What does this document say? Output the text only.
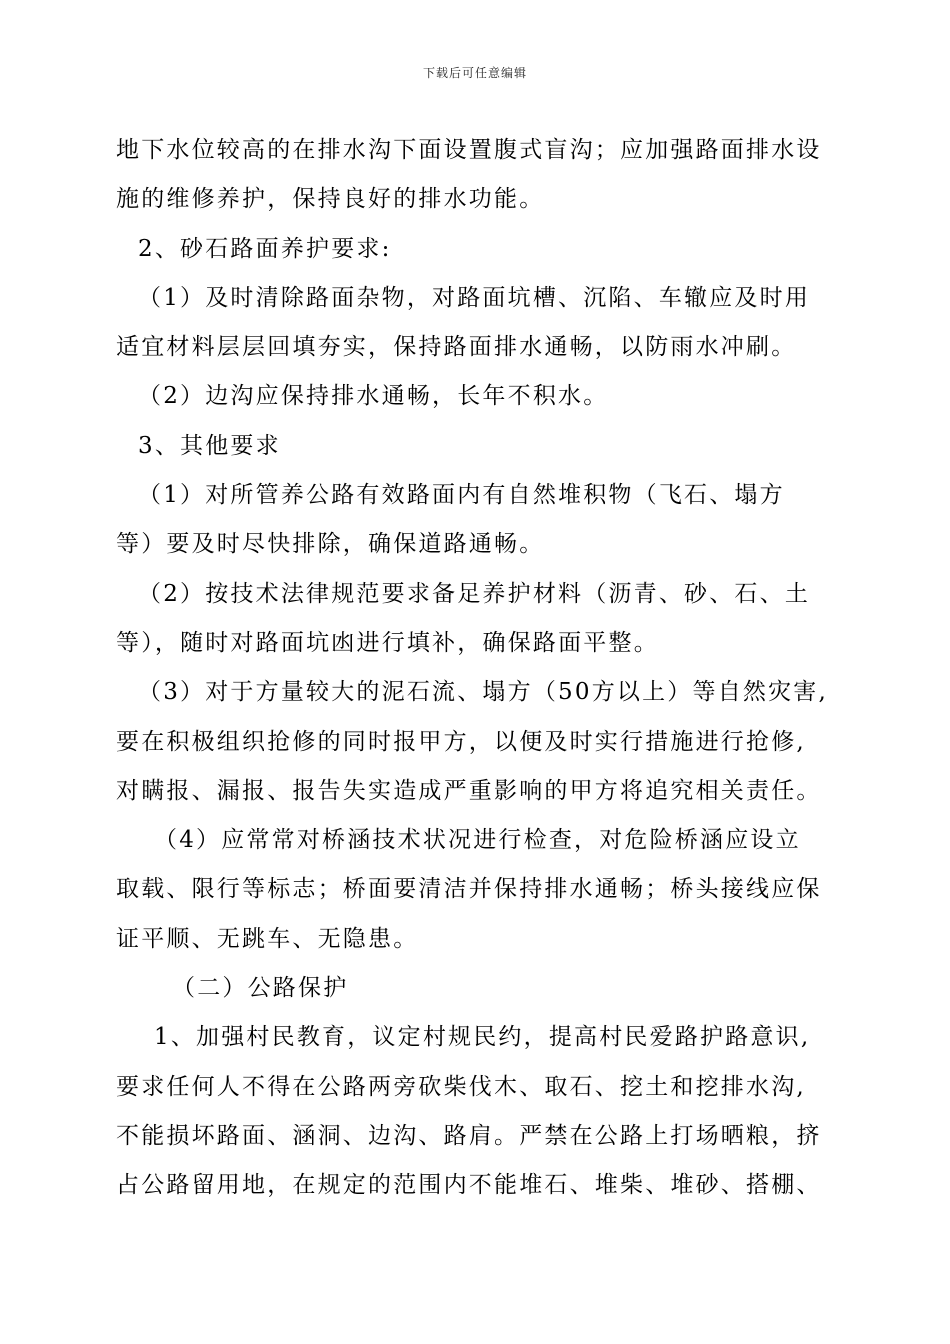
下载后可任意编辑
地下水位较高的在排水沟下面设置腹式盲沟；应加强路面排水设
施的维修养护，保持良好的排水功能。
2、砂石路面养护要求:
（1）及时清除路面杂物，对路面坑槽、沉陷、车辙应及时用
适宜材料层层回填夯实，保持路面排水通畅，以防雨水冲刷。
（2）边沟应保持排水通畅，长年不积水。
3、其他要求
（1）对所管养公路有效路面内有自然堆积物（飞石、塌方
等）要及时尽快排除，确保道路通畅。
（2）按技术法律规范要求备足养护材料（沥青、砂、石、土
等），随时对路面坑凼进行填补，确保路面平整。
（3）对于方量较大的泥石流、塌方（50方以上）等自然灾害,
要在积极组织抢修的同时报甲方，以便及时实行措施进行抢修,
对瞒报、漏报、报告失实造成严重影响的甲方将追究相关责任。
（4）应常常对桥涵技术状况进行检查，对危险桥涵应设立
取载、限行等标志；桥面要清洁并保持排水通畅；桥头接线应保
证平顺、无跳车、无隐患。
（二）公路保护
1、加强村民教育，议定村规民约，提高村民爱路护路意识,
要求任何人不得在公路两旁砍柴伐木、取石、挖土和挖排水沟,
不能损坏路面、涵洞、边沟、路肩。严禁在公路上打场晒粮，挤
占公路留用地，在规定的范围内不能堆石、堆柴、堆砂、搭棚、
